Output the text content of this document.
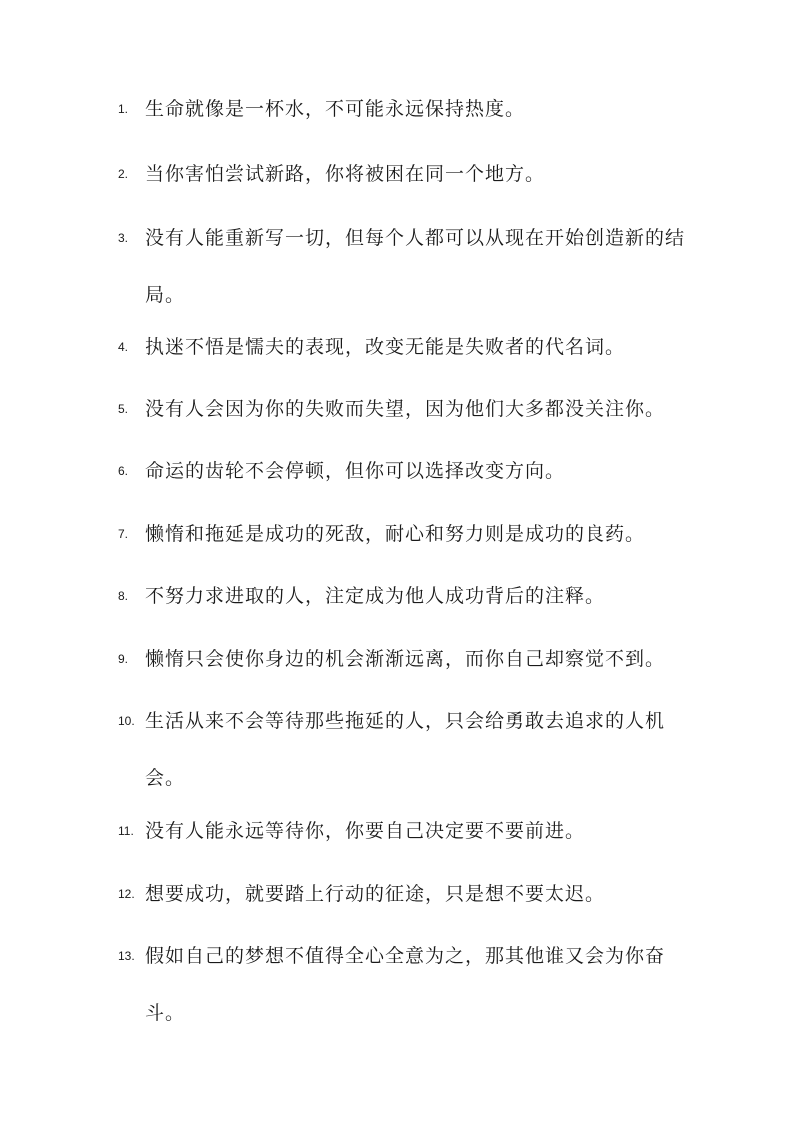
1. 生命就像是一杯水，不可能永远保持热度。
2. 当你害怕尝试新路，你将被困在同一个地方。
3. 没有人能重新写一切，但每个人都可以从现在开始创造新的结局。
4. 执迷不悟是懦夫的表现，改变无能是失败者的代名词。
5. 没有人会因为你的失败而失望，因为他们大多都没关注你。
6. 命运的齿轮不会停顿，但你可以选择改变方向。
7. 懒惰和拖延是成功的死敌，耐心和努力则是成功的良药。
8. 不努力求进取的人，注定成为他人成功背后的注释。
9. 懒惰只会使你身边的机会渐渐远离，而你自己却察觉不到。
10. 生活从来不会等待那些拖延的人，只会给勇敢去追求的人机会。
11. 没有人能永远等待你，你要自己决定要不要前进。
12. 想要成功，就要踏上行动的征途，只是想不要太迟。
13. 假如自己的梦想不值得全心全意为之，那其他谁又会为你奋斗。
